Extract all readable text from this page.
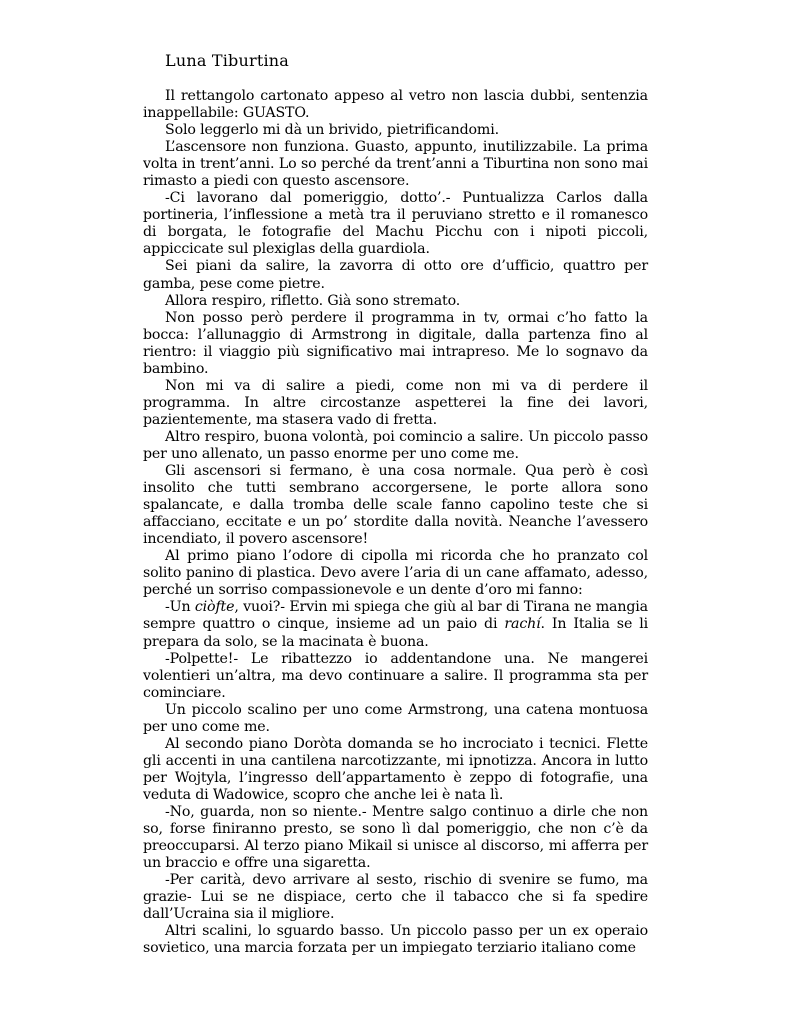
Luna Tiburtina

Il rettangolo cartonato appeso al vetro non lascia dubbi, sentenzia inappellabile: GUASTO.

Solo leggerlo mi dà un brivido, pietrificandomi.

L’ascensore non funziona. Guasto, appunto, inutilizzabile. La prima volta in trent’anni. Lo so perché da trent’anni a Tiburtina non sono mai rimasto a piedi con questo ascensore.

-Ci lavorano dal pomeriggio, dotto’.- Puntualizza Carlos dalla portineria, l’inflessione a metà tra il peruviano stretto e il romanesco di borgata, le fotografie del Machu Picchu con i nipoti piccoli, appiccicate sul plexiglas della guardiola.

Sei piani da salire, la zavorra di otto ore d’ufficio, quattro per gamba, pese come pietre.

Allora respiro, rifletto. Già sono stremato.

Non posso però perdere il programma in tv, ormai c’ho fatto la bocca: l’allunaggio di Armstrong in digitale, dalla partenza fino al rientro: il viaggio più significativo mai intrapreso. Me lo sognavo da bambino.

Non mi va di salire a piedi, come non mi va di perdere il programma. In altre circostanze aspetterei la fine dei lavori, pazientemente, ma stasera vado di fretta.

Altro respiro, buona volontà, poi comincio a salire. Un piccolo passo per uno allenato, un passo enorme per uno come me.

Gli ascensori si fermano, è una cosa normale. Qua però è così insolito che tutti sembrano accorgersene, le porte allora sono spalancate, e dalla tromba delle scale fanno capolino teste che si affacciano, eccitate e un po’ stordite dalla novità. Neanche l’avessero incendiato, il povero ascensore!

Al primo piano l’odore di cipolla mi ricorda che ho pranzato col solito panino di plastica. Devo avere l’aria di un cane affamato, adesso, perché un sorriso compassionevole e un dente d’oro mi fanno:

-Un ciòfte, vuoi?- Ervin mi spiega che giù al bar di Tirana ne mangia sempre quattro o cinque, insieme ad un paio di rachí. In Italia se li prepara da solo, se la macinata è buona.

-Polpette!- Le ribattezzo io addentandone una. Ne mangerei volentieri un’altra, ma devo continuare a salire. Il programma sta per cominciare.

Un piccolo scalino per uno come Armstrong, una catena montuosa per uno come me.

Al secondo piano Doròta domanda se ho incrociato i tecnici. Flette gli accenti in una cantilena narcotizzante, mi ipnotizza. Ancora in lutto per Wojtyla, l’ingresso dell’appartamento è zeppo di fotografie, una veduta di Wadowice, scopro che anche lei è nata lì.

-No, guarda, non so niente.- Mentre salgo continuo a dirle che non so, forse finiranno presto, se sono lì dal pomeriggio, che non c’è da preoccuparsi. Al terzo piano Mikail si unisce al discorso, mi afferra per un braccio e offre una sigaretta.

-Per carità, devo arrivare al sesto, rischio di svenire se fumo, ma grazie- Lui se ne dispiace, certo che il tabacco che si fa spedire dall’Ucraina sia il migliore.

Altri scalini, lo sguardo basso. Un piccolo passo per un ex operaio sovietico, una marcia forzata per un impiegato terziario italiano come
